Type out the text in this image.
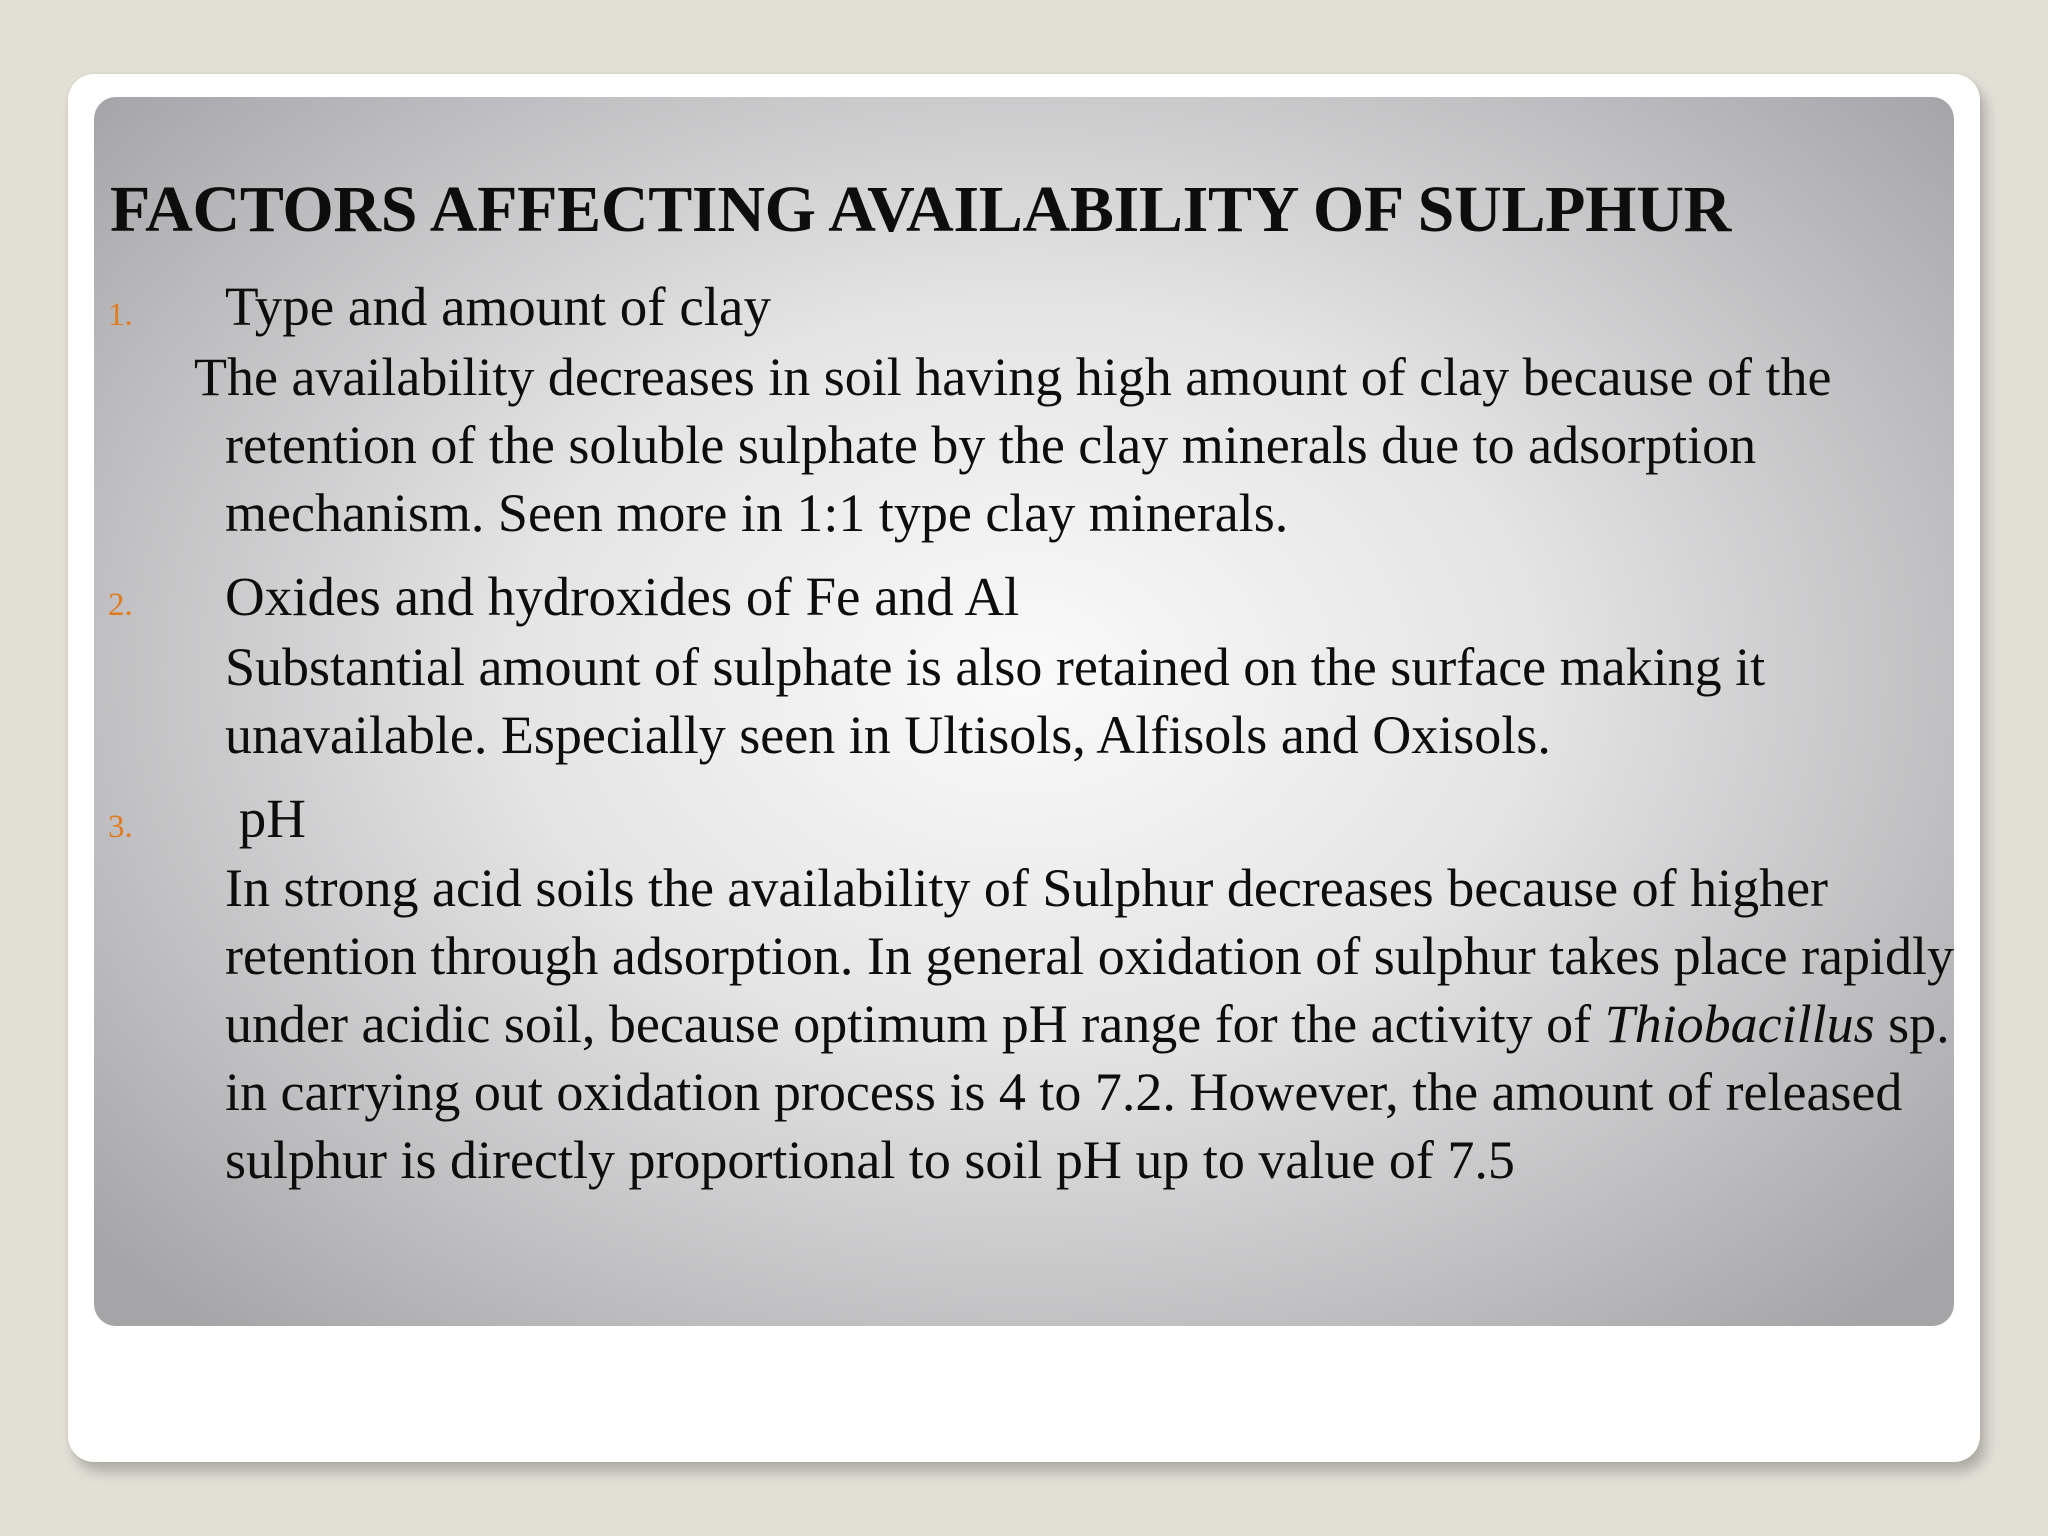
FACTORS AFFECTING AVAILABILITY OF SULPHUR
1. Type and amount of clay

The availability decreases in soil having high amount of clay because of the retention of the soluble sulphate by the clay minerals due to adsorption mechanism. Seen more in 1:1 type clay minerals.

2. Oxides and hydroxides of Fe and Al

Substantial amount of sulphate is also retained on the surface making it unavailable. Especially seen in Ultisols, Alfisols and Oxisols.

3. pH

In strong acid soils the availability of Sulphur decreases because of higher retention through adsorption. In general oxidation of sulphur takes place rapidly under acidic soil, because optimum pH range for the activity of Thiobacillus sp. in carrying out oxidation process is 4 to 7.2. However, the amount of released sulphur is directly proportional to soil pH up to value of 7.5
